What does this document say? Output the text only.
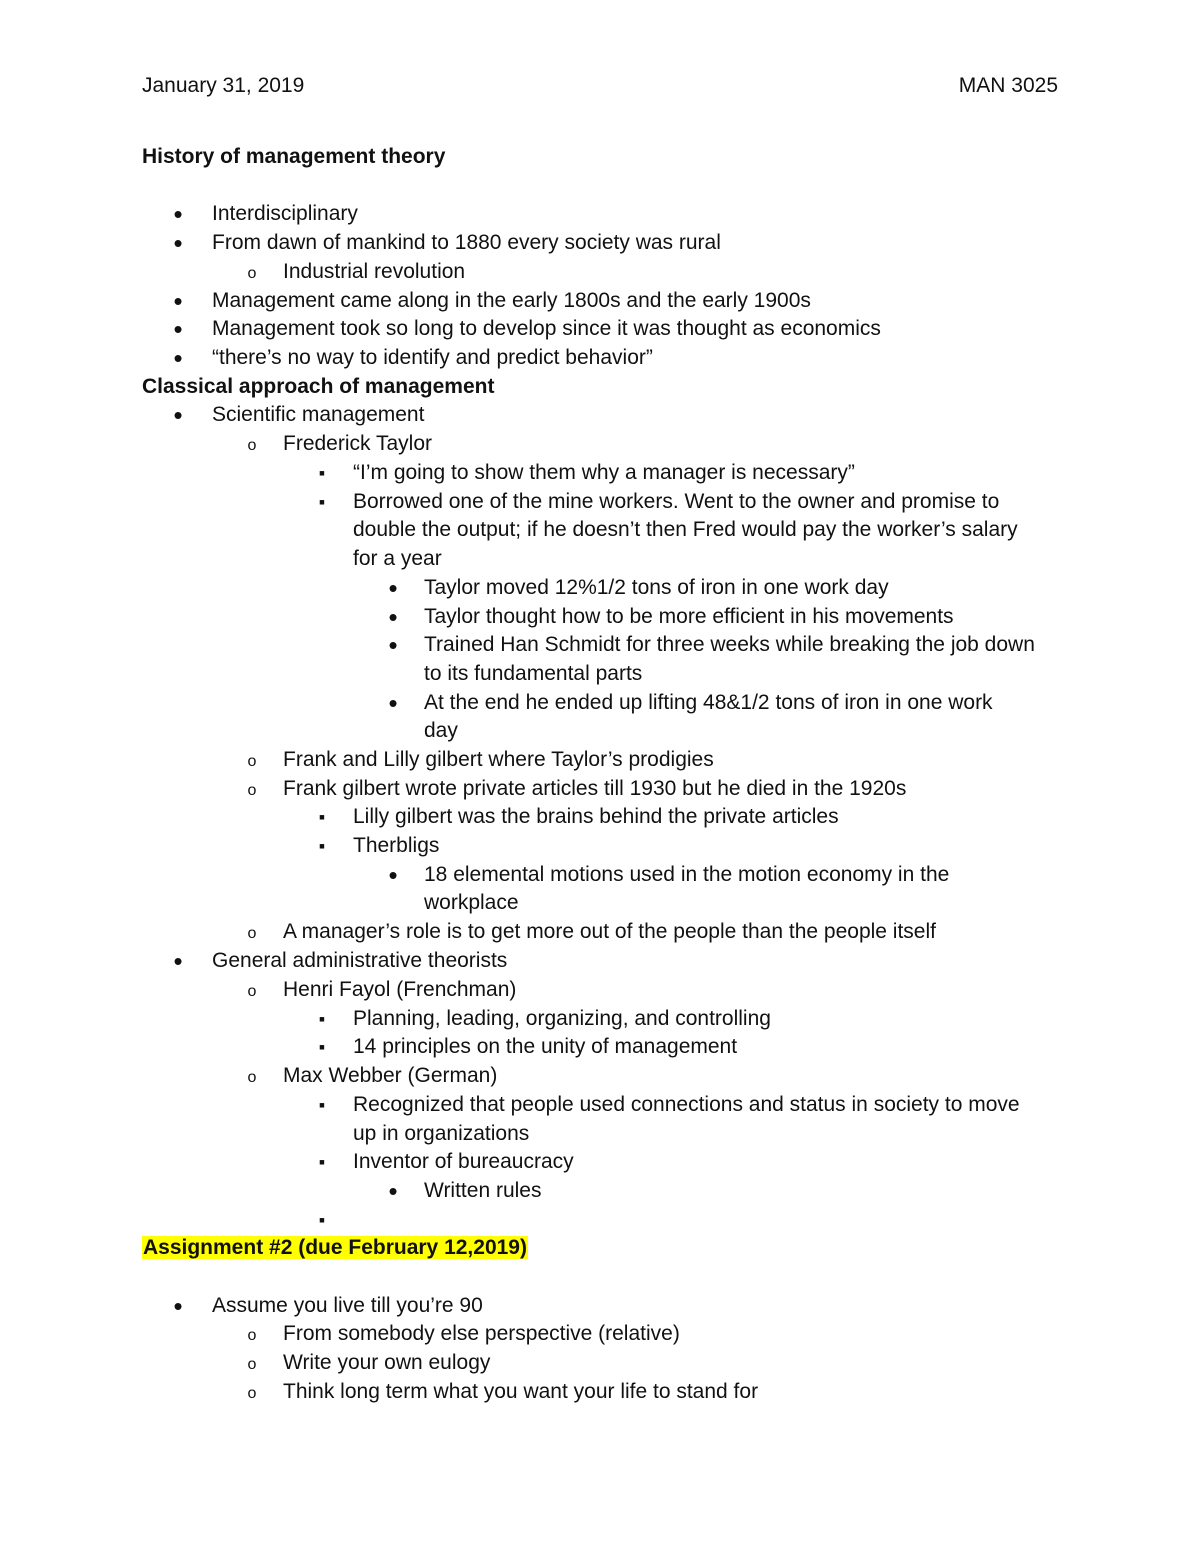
January 31, 2019	MAN 3025
History of management theory
•
Interdisciplinary
•
From dawn of mankind to 1880 every society was rural
o
Industrial revolution
•
Management came along in the early 1800s and the early 1900s
•
Management took so long to develop since it was thought as economics
•
“there’s no way to identify and predict behavior”
Classical approach of management
•
Scientific management
o
Frederick Taylor
▪
“I’m going to show them why a manager is necessary”
▪
Borrowed one of the mine workers. Went to the owner and promise to
double the output; if he doesn’t then Fred would pay the worker’s salary
for a year
•
Taylor moved 12%1/2 tons of iron in one work day
•
Taylor thought how to be more efficient in his movements
•
Trained Han Schmidt for three weeks while breaking the job down
to its fundamental parts
•
At the end he ended up lifting 48&1/2 tons of iron in one work
day
o
Frank and Lilly gilbert where Taylor’s prodigies
o
Frank gilbert wrote private articles till 1930 but he died in the 1920s
▪
Lilly gilbert was the brains behind the private articles
▪
Therbligs
•
18 elemental motions used in the motion economy in the
workplace
o
A manager’s role is to get more out of the people than the people itself
•
General administrative theorists
o
Henri Fayol (Frenchman)
▪
Planning, leading, organizing, and controlling
▪
14 principles on the unity of management
o
Max Webber (German)
▪
Recognized that people used connections and status in society to move
up in organizations
▪
Inventor of bureaucracy
•
Written rules
▪
Assignment #2 (due February 12,2019)
•
Assume you live till you’re 90
o
From somebody else perspective (relative)
o
Write your own eulogy
o
Think long term what you want your life to stand for
